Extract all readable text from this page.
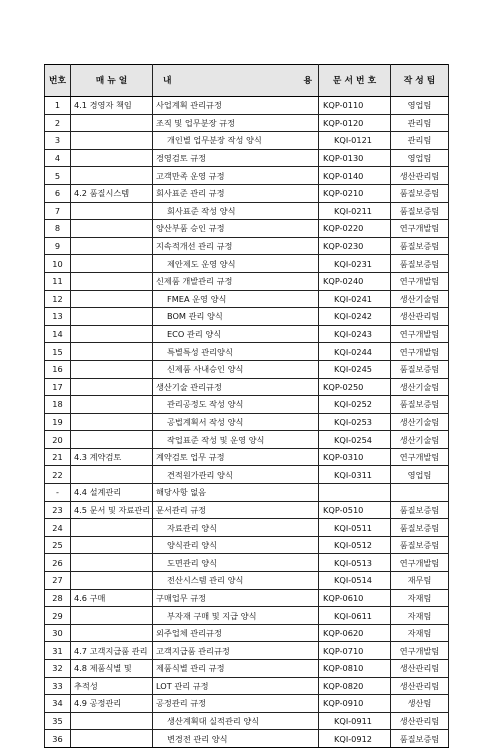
번호	매 뉴 얼	내 용	문 서 번 호	작 성 팀
1	4.1 경영자 책임	사업계획 관리규정	KQP-0110	영업팀
2		조직 및 업무분장 규정	KQP-0120	관리팀
3		개인별 업무분장 작성 양식	KQI-0121	관리팀
4		경영검토 규정	KQP-0130	영업팀
5		고객만족 운영 규정	KQP-0140	생산관리팀
6	4.2 품질시스템	회사표준 관리 규정	KQP-0210	품질보증팀
7		회사표준 작성 양식	KQI-0211	품질보증팀
8		양산부품 승인 규정	KQP-0220	연구개발팀
9		지속적개선 관리 규정	KQP-0230	품질보증팀
10		제안제도 운영 양식	KQI-0231	품질보증팀
11		신제품 개발관리 규정	KQP-0240	연구개발팀
12		FMEA 운영 양식	KQI-0241	생산기술팀
13		BOM 관리 양식	KQI-0242	생산관리팀
14		ECO 관리 양식	KQI-0243	연구개발팀
15		특별특성 관리양식	KQI-0244	연구개발팀
16		신제품 사내승인 양식	KQI-0245	품질보증팀
17		생산기술 관리규정	KQP-0250	생산기술팀
18		관리공정도 작성 양식	KQI-0252	품질보증팀
19		공법계획서 작성 양식	KQI-0253	생산기술팀
20		작업표준 작성 및 운영 양식	KQI-0254	생산기술팀
21	4.3 계약검토	계약검토 업무 규정	KQP-0310	연구개발팀
22		견적원가관리 양식	KQI-0311	영업팀
-	4.4 설계관리	해당사항 없음		
23	4.5 문서 및 자료관리	문서관리 규정	KQP-0510	품질보증팀
24		자료관리 양식	KQI-0511	품질보증팀
25		양식관리 양식	KQI-0512	품질보증팀
26		도면관리 양식	KQI-0513	연구개발팀
27		전산시스템 관리 양식	KQI-0514	재무팀
28	4.6 구매	구매업무 규정	KQP-0610	자재팀
29		부자재 구매 및 지급 양식	KQI-0611	자재팀
30		외주업체 관리규정	KQP-0620	자재팀
31	4.7 고객지급품 관리	고객지급품 관리규정	KQP-0710	연구개발팀
32	4.8 제품식별 및	제품식별 관리 규정	KQP-0810	생산관리팀
33	추적성	LOT 관리 규정	KQP-0820	생산관리팀
34	4.9 공정관리	공정관리 규정	KQP-0910	생산팀
35		생산계획대 실적관리 양식	KQI-0911	생산관리팀
36		변경전 관리 양식	KQI-0912	품질보증팀
